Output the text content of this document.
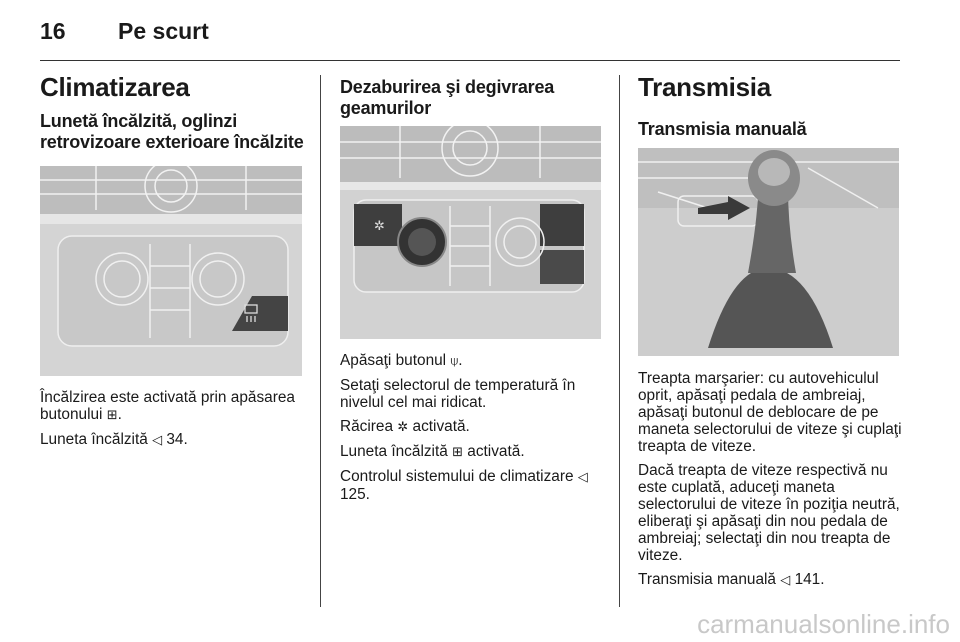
16 Pe scurt
Climatizarea
Lunetă încălzită, oglinzi retrovizoare exterioare încălzite

Încălzirea este activată prin apăsarea butonului ⊞.

Luneta încălzită ◁ 34.

Dezaburirea şi degivrarea geamurilor
✲

Apăsaţi butonul ⍦.

Setaţi selectorul de temperatură în nivelul cel mai ridicat.

Răcirea ✲ activată.

Luneta încălzită ⊞ activată.

Controlul sistemului de climatizare ◁ 125.

Transmisia
Transmisia manuală

Treapta marşarier: cu autovehiculul oprit, apăsaţi pedala de ambreiaj, apăsaţi butonul de deblocare de pe maneta selectorului de viteze şi cuplaţi treapta de viteze.

Dacă treapta de viteze respectivă nu este cuplată, aduceţi maneta selectorului de viteze în poziţia neutră, eliberaţi şi apăsaţi din nou pedala de ambreiaj; selectaţi din nou treapta de viteze.

Transmisia manuală ◁ 141.

carmanualsonline.info
